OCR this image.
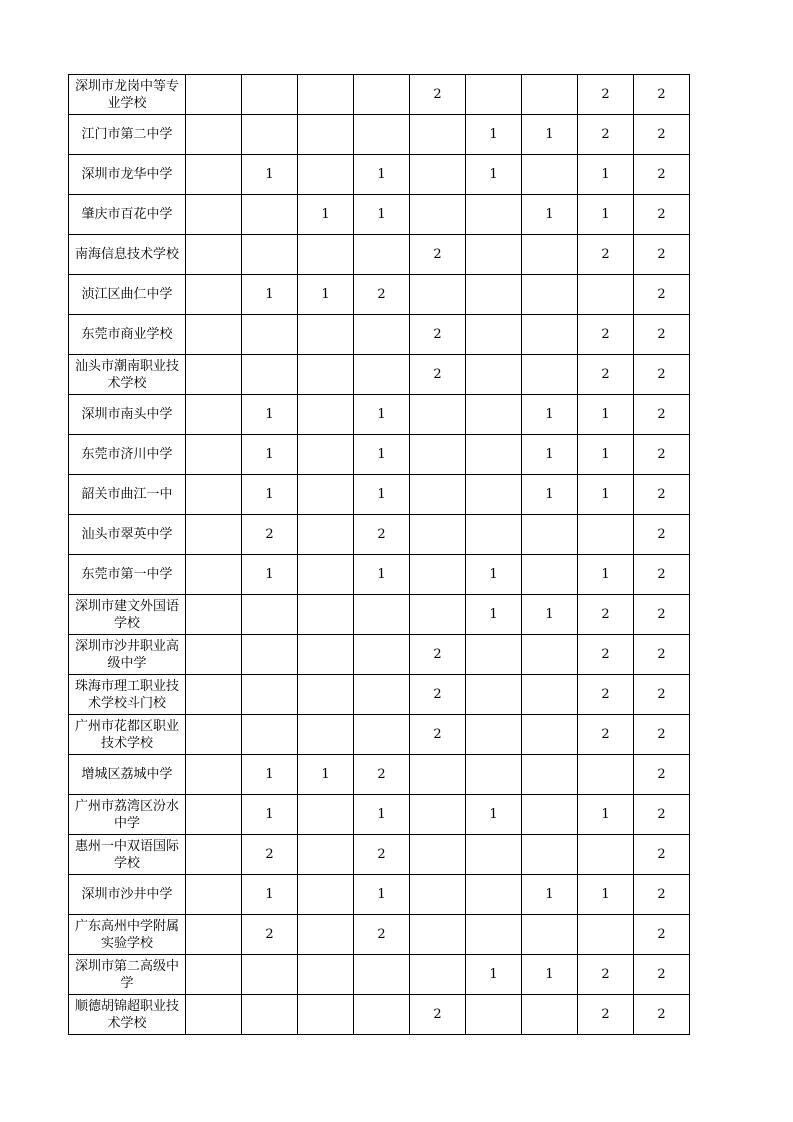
深圳市龙岗中等专业学校					2			2	2
江门市第二中学						1	1	2	2
深圳市龙华中学		1		1		1		1	2
肇庆市百花中学			1	1			1	1	2
南海信息技术学校					2			2	2
浈江区曲仁中学		1	1	2					2
东莞市商业学校					2			2	2
汕头市潮南职业技术学校					2			2	2
深圳市南头中学		1		1			1	1	2
东莞市济川中学		1		1			1	1	2
韶关市曲江一中		1		1			1	1	2
汕头市翠英中学		2		2					2
东莞市第一中学		1		1		1		1	2
深圳市建文外国语学校						1	1	2	2
深圳市沙井职业高级中学					2			2	2
珠海市理工职业技术学校斗门校					2			2	2
广州市花都区职业技术学校					2			2	2
增城区荔城中学		1	1	2					2
广州市荔湾区汾水中学		1		1		1		1	2
惠州一中双语国际学校		2		2					2
深圳市沙井中学		1		1			1	1	2
广东高州中学附属实验学校		2		2					2
深圳市第二高级中学						1	1	2	2
顺德胡锦超职业技术学校					2			2	2
